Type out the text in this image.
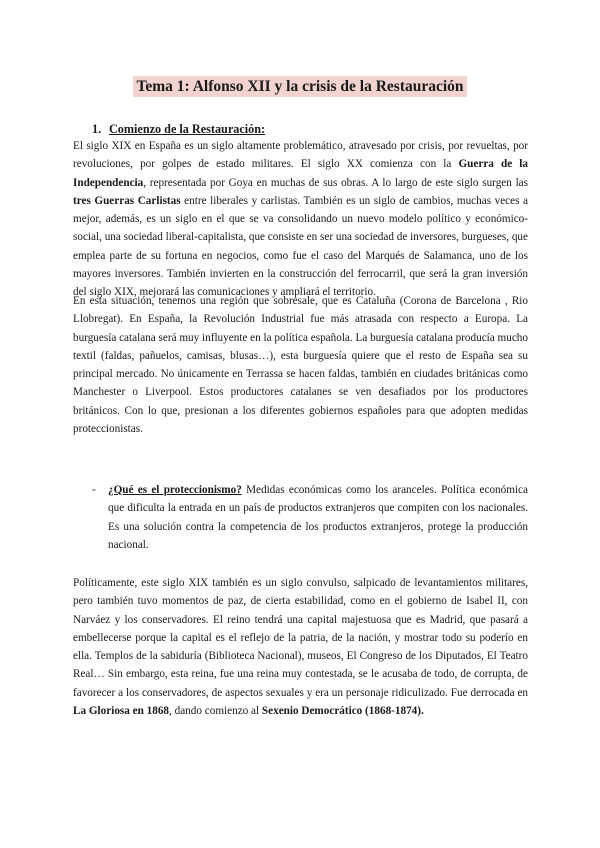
Tema 1: Alfonso XII y la crisis de la Restauración
1. Comienzo de la Restauración:

El siglo XIX en España es un siglo altamente problemático, atravesado por crisis, por revueltas, por revoluciones, por golpes de estado militares. El siglo XX comienza con la Guerra de la Independencia, representada por Goya en muchas de sus obras. A lo largo de este siglo surgen las tres Guerras Carlistas entre liberales y carlistas. También es un siglo de cambios, muchas veces a mejor, además, es un siglo en el que se va consolidando un nuevo modelo político y económico-social, una sociedad liberal-capitalista, que consiste en ser una sociedad de inversores, burgueses, que emplea parte de su fortuna en negocios, como fue el caso del Marqués de Salamanca, uno de los mayores inversores. También invierten en la construcción del ferrocarril, que será la gran inversión del siglo XIX, mejorará las comunicaciones y ampliará el territorio.

En esta situación, tenemos una región que sobresale, que es Cataluña (Corona de Barcelona , Rio Llobregat). En España, la Revolución Industrial fue más atrasada con respecto a Europa. La burguesía catalana será muy influyente en la política española. La burguesía catalana producía mucho textil (faldas, pañuelos, camisas, blusas…), esta burguesía quiere que el resto de España sea su principal mercado. No únicamente en Terrassa se hacen faldas, también en ciudades británicas como Manchester o Liverpool. Estos productores catalanes se ven desafiados por los productores británicos. Con lo que, presionan a los diferentes gobiernos españoles para que adopten medidas proteccionistas.

- ¿Qué es el proteccionismo? Medidas económicas como los aranceles. Política económica que dificulta la entrada en un país de productos extranjeros que compiten con los nacionales. Es una solución contra la competencia de los productos extranjeros, protege la producción nacional.

Políticamente, este siglo XIX también es un siglo convulso, salpicado de levantamientos militares, pero también tuvo momentos de paz, de cierta estabilidad, como en el gobierno de Isabel II, con Narváez y los conservadores. El reino tendrá una capital majestuosa que es Madrid, que pasará a embellecerse porque la capital es el reflejo de la patria, de la nación, y mostrar todo su poderío en ella. Templos de la sabiduría (Biblioteca Nacional), museos, El Congreso de los Diputados, El Teatro Real… Sin embargo, esta reina, fue una reina muy contestada, se le acusaba de todo, de corrupta, de favorecer a los conservadores, de aspectos sexuales y era un personaje ridiculizado. Fue derrocada en La Gloriosa en 1868, dando comienzo al Sexenio Democrático (1868-1874).
